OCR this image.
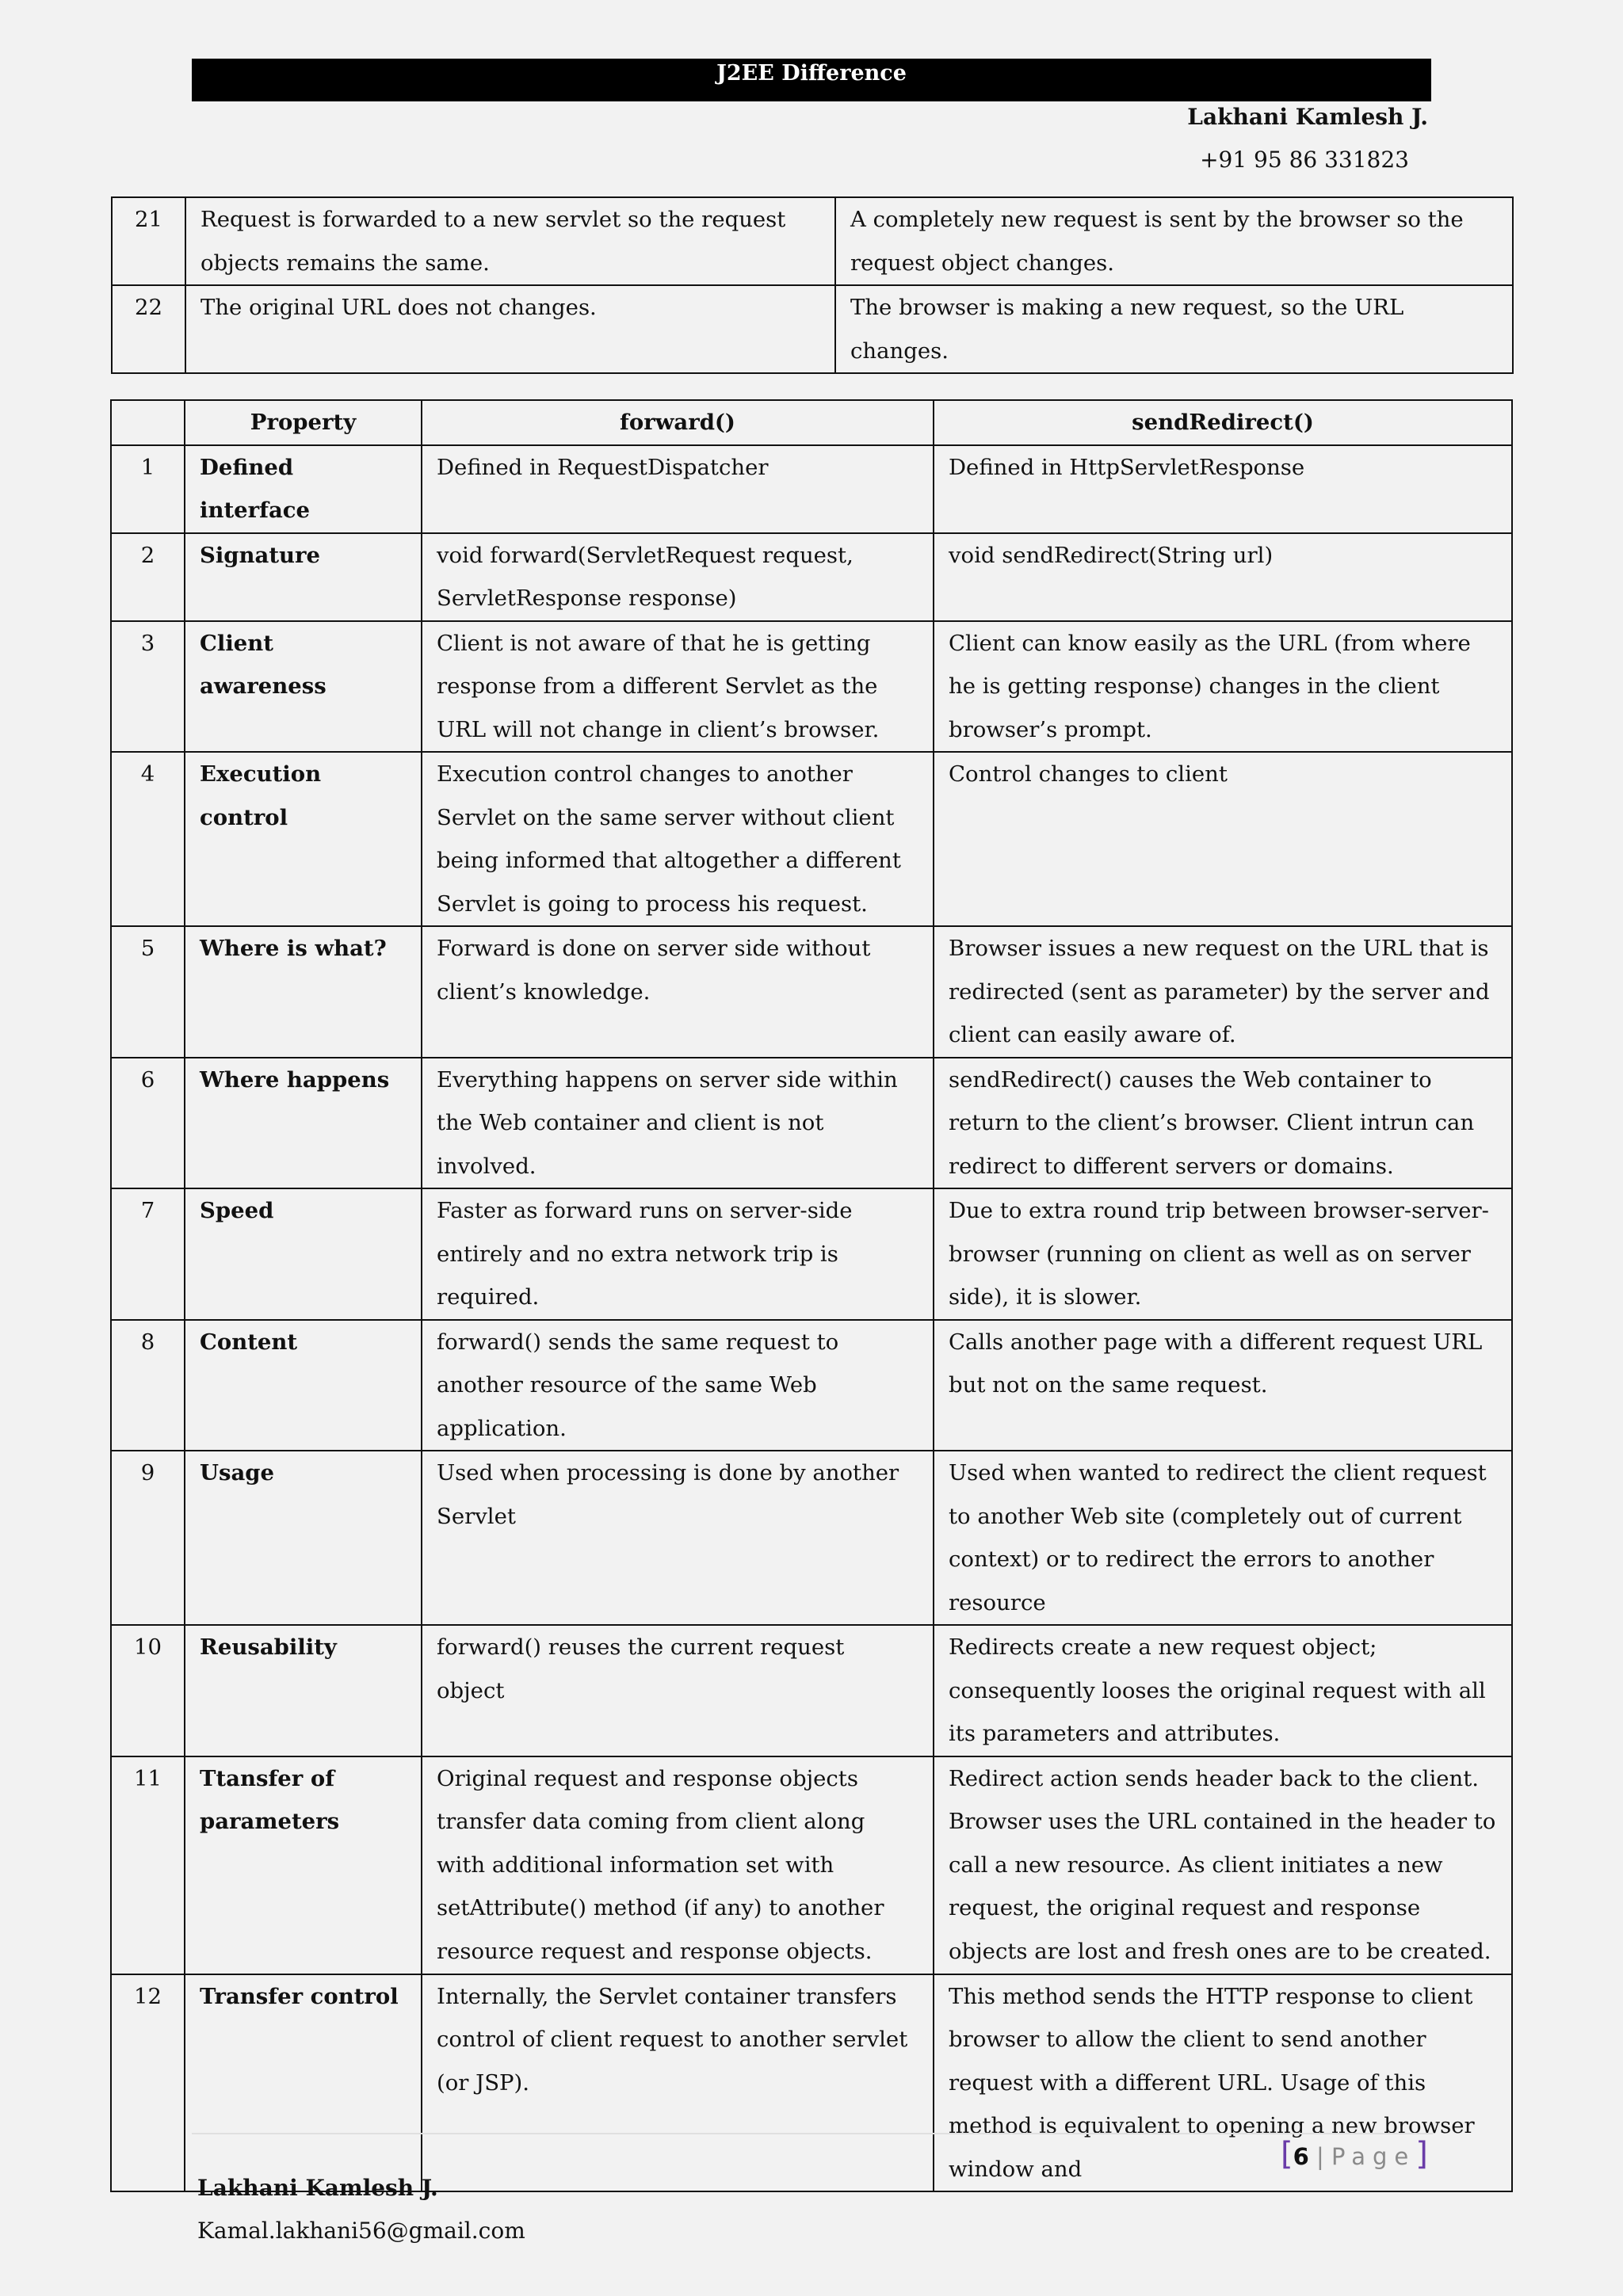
J2EE Difference
Lakhani Kamlesh J.
+91 95 86 331823
21	Request is forwarded to a new servlet so the request objects remains the same.	A completely new request is sent by the browser so the request object changes.
22	The original URL does not changes.	The browser is making a new request, so the URL changes.
	Property	forward()	sendRedirect()
1	Defined interface	Defined in RequestDispatcher	Defined in HttpServletResponse
2	Signature	void forward(ServletRequest request, ServletResponse response)	void sendRedirect(String url)
3	Client awareness	Client is not aware of that he is getting response from a different Servlet as the URL will not change in client’s browser.	Client can know easily as the URL (from where he is getting response) changes in the client browser’s prompt.
4	Execution control	Execution control changes to another Servlet on the same server without client being informed that altogether a different Servlet is going to process his request.	Control changes to client
5	Where is what?	Forward is done on server side without client’s knowledge.	Browser issues a new request on the URL that is redirected (sent as parameter) by the server and client can easily aware of.
6	Where happens	Everything happens on server side within the Web container and client is not involved.	sendRedirect() causes the Web container to return to the client’s browser. Client intrun can redirect to different servers or domains.
7	Speed	Faster as forward runs on server-side entirely and no extra network trip is required.	Due to extra round trip between browser-server-browser (running on client as well as on server side), it is slower.
8	Content	forward() sends the same request to another resource of the same Web application.	Calls another page with a different request URL but not on the same request.
9	Usage	Used when processing is done by another Servlet	Used when wanted to redirect the client request to another Web site (completely out of current context) or to redirect the errors to another resource
10	Reusability	forward() reuses the current request object	Redirects create a new request object; consequently looses the original request with all its parameters and attributes.
11	Ttansfer of parameters	Original request and response objects transfer data coming from client along with additional information set with setAttribute() method (if any) to another resource request and response objects.	Redirect action sends header back to the client. Browser uses the URL contained in the header to call a new resource. As client initiates a new request, the original request and response objects are lost and fresh ones are to be created.
12	Transfer control	Internally, the Servlet container transfers control of client request to another servlet (or JSP).	This method sends the HTTP response to client browser to allow the client to send another request with a different URL. Usage of this method is equivalent to opening a new browser window and	[6 | Page]
Lakhani Kamlesh J.
Kamal.lakhani56@gmail.com
